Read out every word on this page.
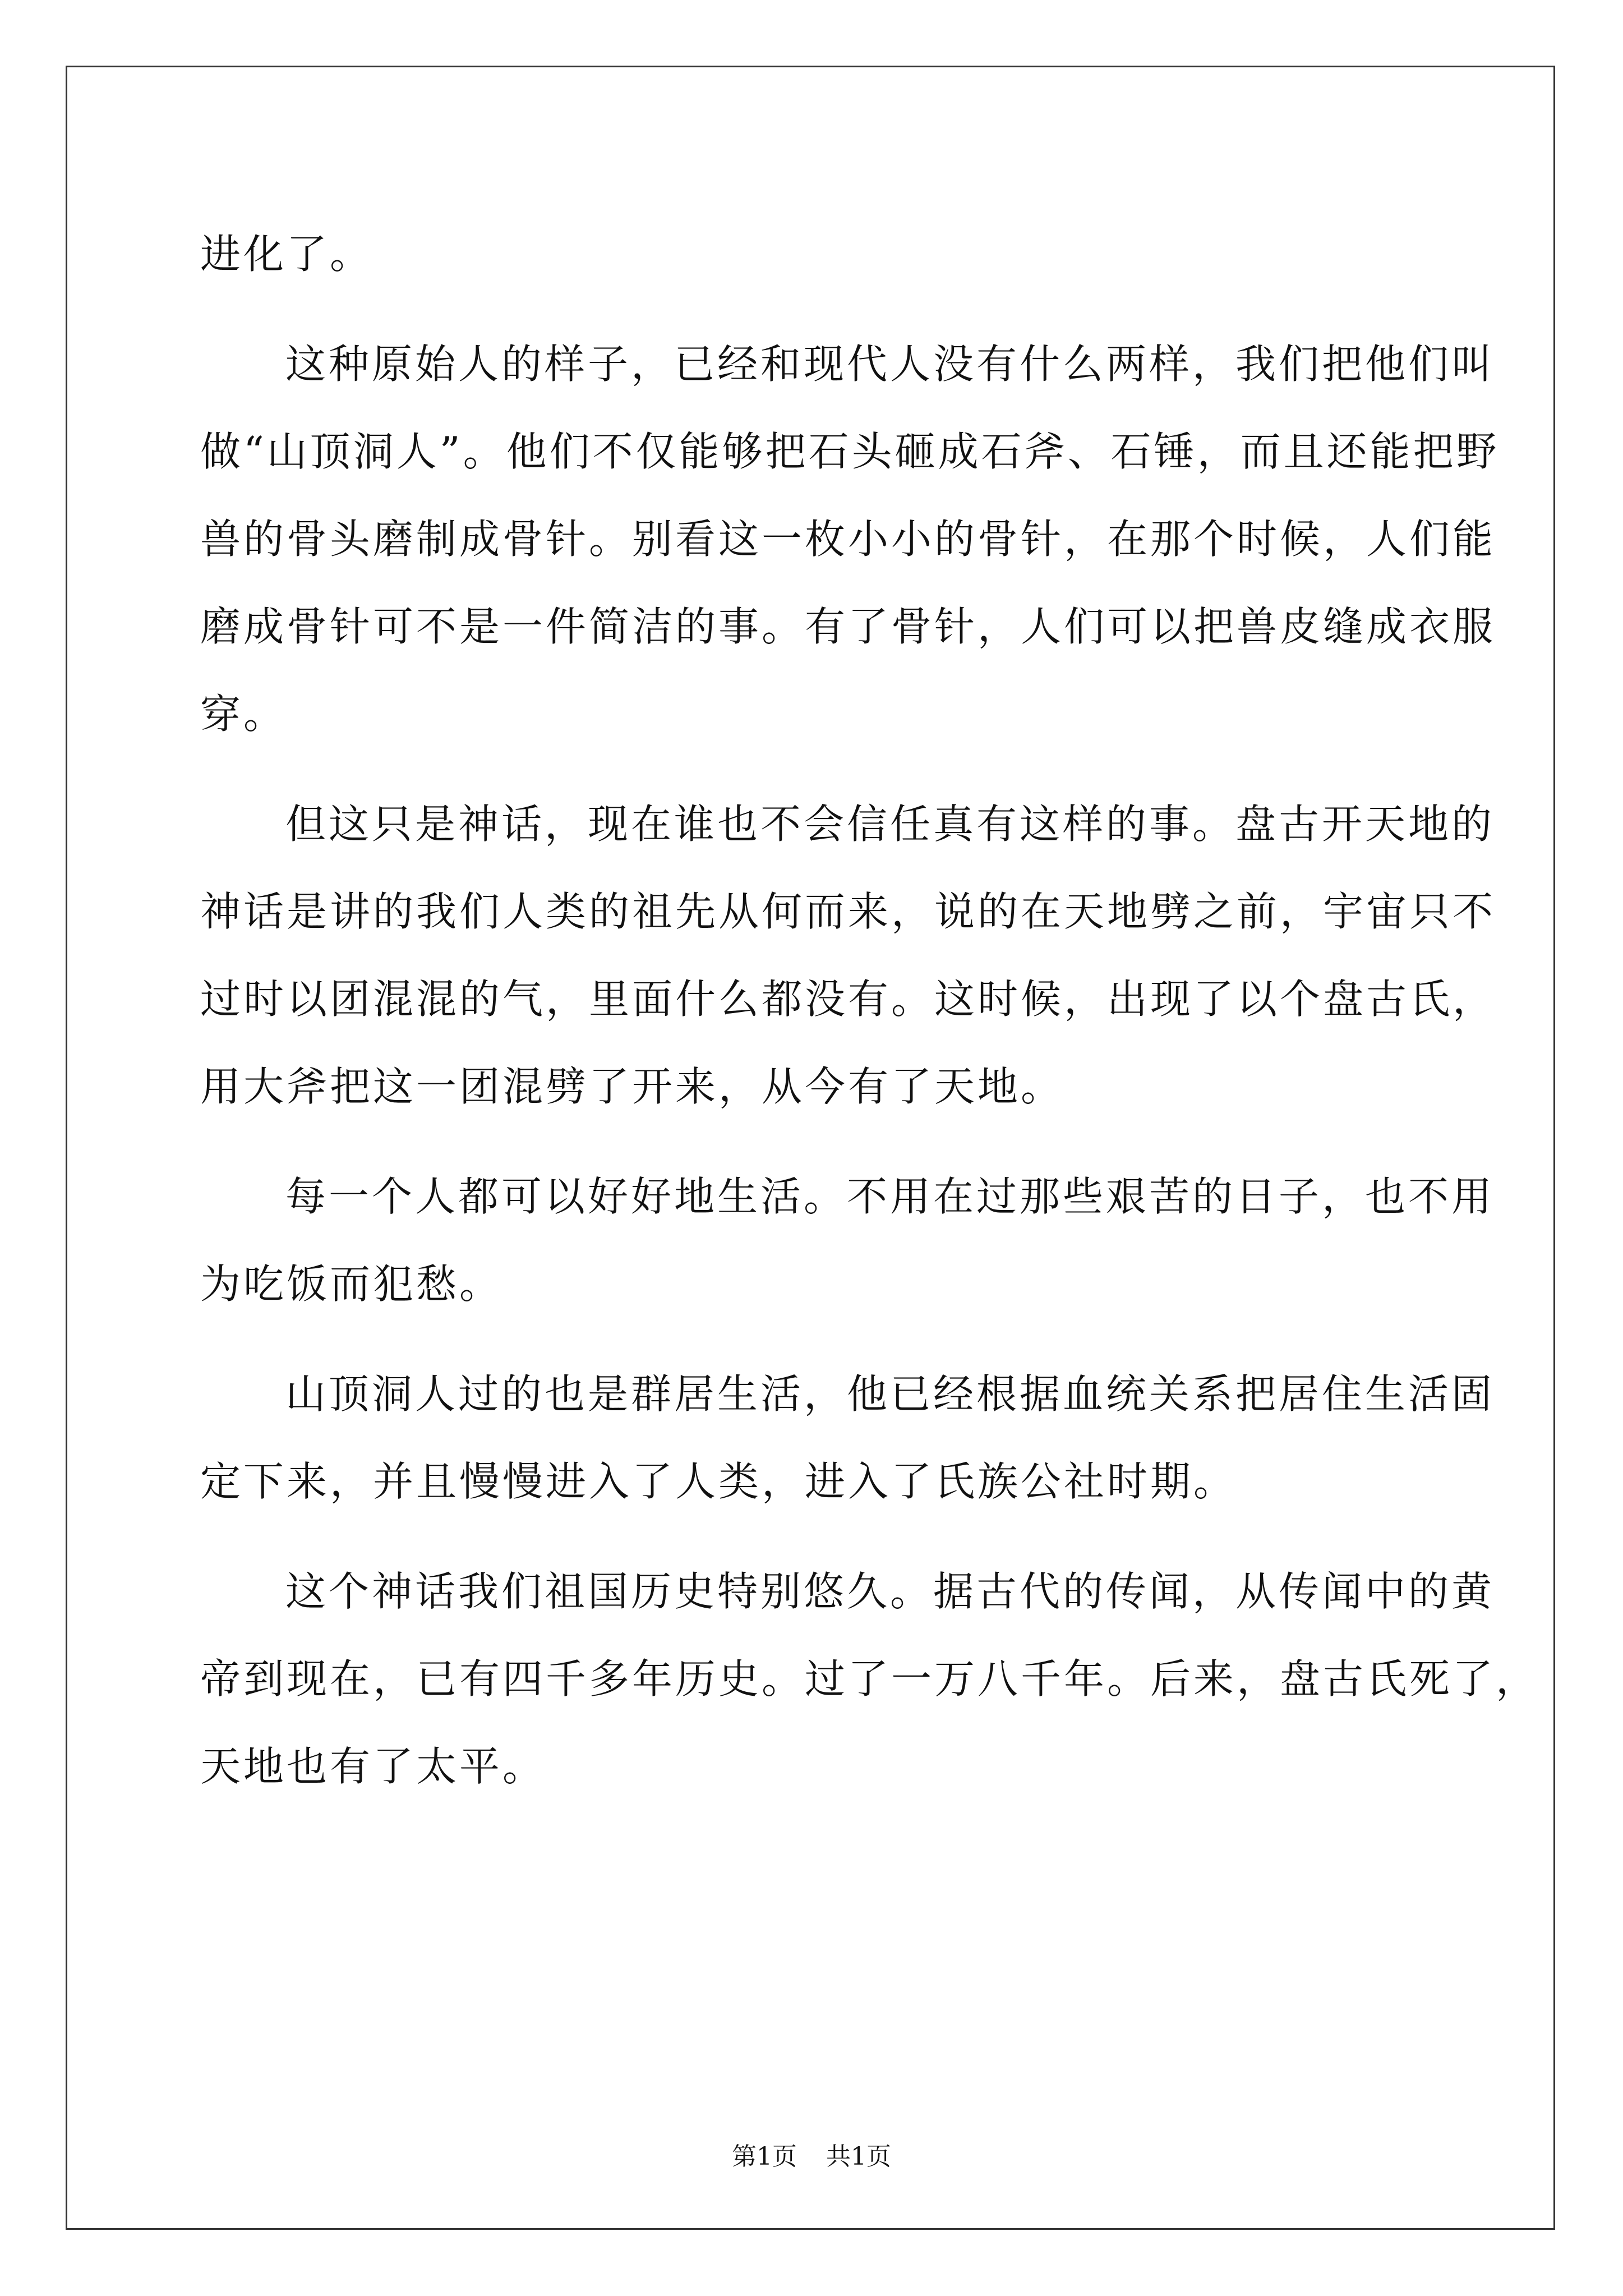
进化了。
这种原始人的样子，已经和现代人没有什么两样，我们把他们叫
做“山顶洞人”。他们不仅能够把石头砸成石斧、石锤，而且还能把野
兽的骨头磨制成骨针。别看这一枚小小的骨针，在那个时候，人们能
磨成骨针可不是一件简洁的事。有了骨针，人们可以把兽皮缝成衣服
穿。
但这只是神话，现在谁也不会信任真有这样的事。盘古开天地的
神话是讲的我们人类的祖先从何而来，说的在天地劈之前，宇宙只不
过时以团混混的气，里面什么都没有。这时候，出现了以个盘古氏，
用大斧把这一团混劈了开来，从今有了天地。
每一个人都可以好好地生活。不用在过那些艰苦的日子，也不用
为吃饭而犯愁。
山顶洞人过的也是群居生活，他已经根据血统关系把居住生活固
定下来，并且慢慢进入了人类，进入了氏族公社时期。
这个神话我们祖国历史特别悠久。据古代的传闻，从传闻中的黄
帝到现在，已有四千多年历史。过了一万八千年。后来，盘古氏死了，
天地也有了太平。
第1页 共1页
